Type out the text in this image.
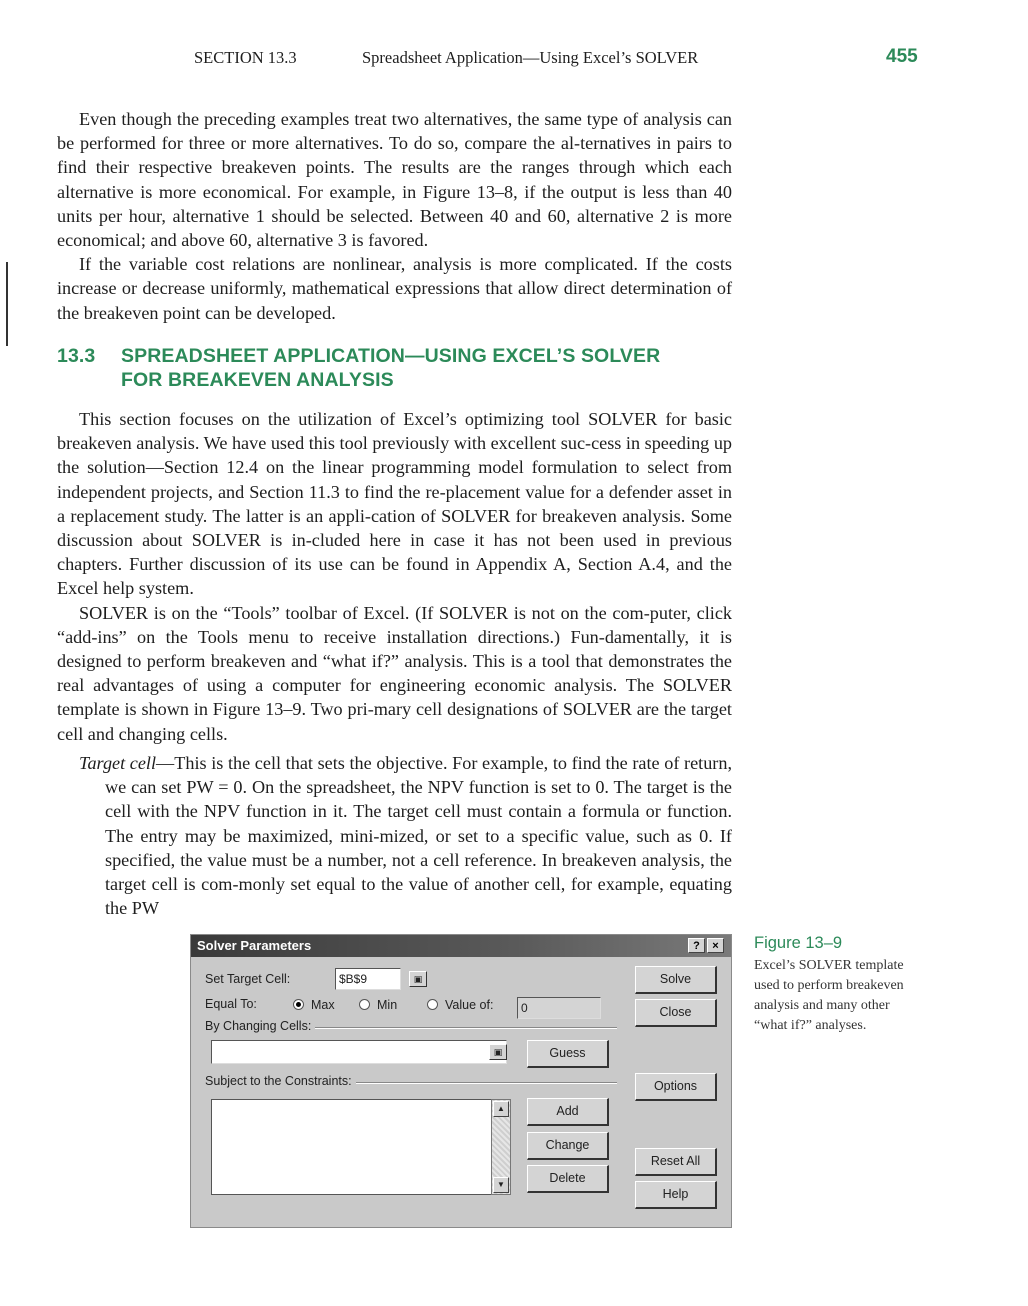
SECTION 13.3	Spreadsheet Application—Using Excel’s SOLVER	455

Even though the preceding examples treat two alternatives, the same type of analysis can be performed for three or more alternatives. To do so, compare the al-ternatives in pairs to find their respective breakeven points. The results are the ranges through which each alternative is more economical. For example, in Figure 13–8, if the output is less than 40 units per hour, alternative 1 should be selected. Between 40 and 60, alternative 2 is more economical; and above 60, alternative 3 is favored.

If the variable cost relations are nonlinear, analysis is more complicated. If the costs increase or decrease uniformly, mathematical expressions that allow direct determination of the breakeven point can be developed.

13.3 SPREADSHEET APPLICATION—USING EXCEL’S SOLVER
FOR BREAKEVEN ANALYSIS

This section focuses on the utilization of Excel’s optimizing tool SOLVER for basic breakeven analysis. We have used this tool previously with excellent suc-cess in speeding up the solution—Section 12.4 on the linear programming model formulation to select from independent projects, and Section 11.3 to find the re-placement value for a defender asset in a replacement study. The latter is an appli-cation of SOLVER for breakeven analysis. Some discussion about SOLVER is in-cluded here in case it has not been used in previous chapters. Further discussion of its use can be found in Appendix A, Section A.4, and the Excel help system.

SOLVER is on the “Tools” toolbar of Excel. (If SOLVER is not on the com-puter, click “add-ins” on the Tools menu to receive installation directions.) Fun-damentally, it is designed to perform breakeven and “what if?” analysis. This is a tool that demonstrates the real advantages of using a computer for engineering economic analysis. The SOLVER template is shown in Figure 13–9. Two pri-mary cell designations of SOLVER are the target cell and changing cells.

Target cell—This is the cell that sets the objective. For example, to find the rate of return, we can set PW = 0. On the spreadsheet, the NPV function is set to 0. The target is the cell with the NPV function in it. The target cell must contain a formula or function. The entry may be maximized, mini-mized, or set to a specific value, such as 0. If specified, the value must be a number, not a cell reference. In breakeven analysis, the target cell is com-monly set equal to the value of another cell, for example, equating the PW

Solver Parameters	?	×
Set Target Cell:	$B$9	▣
Equal To:	Max	Min	Value of:	0
By Changing Cells:
▣
Subject to the Constraints:
▲
▼
Solve
Close
Guess
Options
Add
Change
Delete
Reset All
Help

Figure 13–9

Excel’s SOLVER template used to perform breakeven analysis and many other “what if?” analyses.
